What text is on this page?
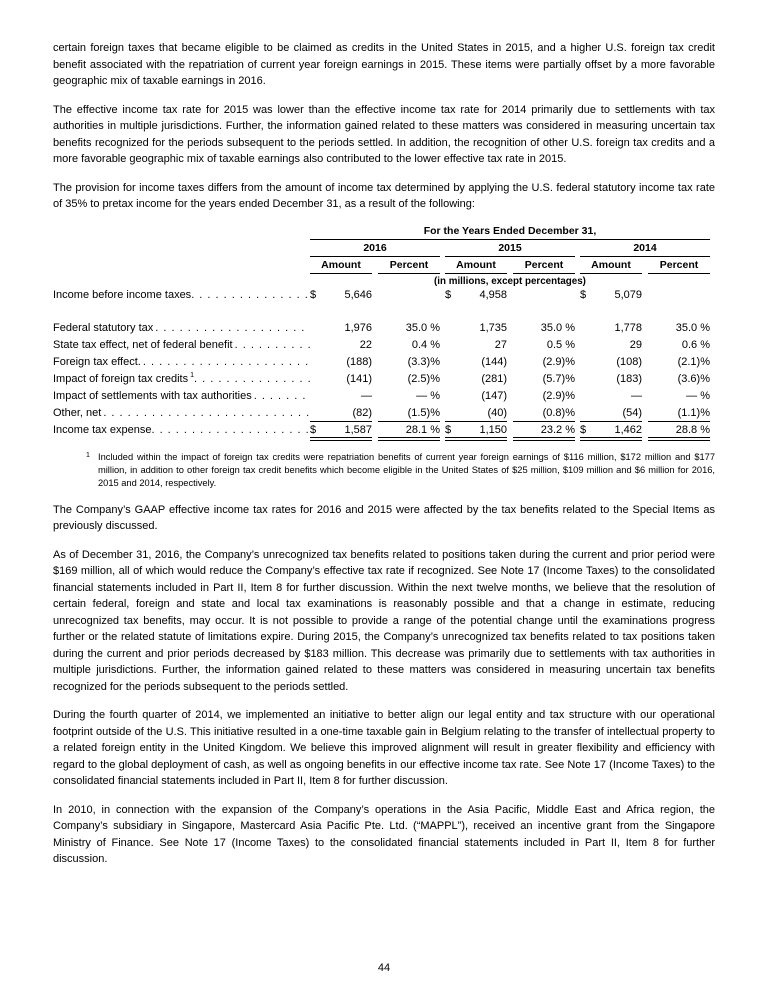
certain foreign taxes that became eligible to be claimed as credits in the United States in 2015, and a higher U.S. foreign tax credit benefit associated with the repatriation of current year foreign earnings in 2015. These items were partially offset by a more favorable geographic mix of taxable earnings in 2016.

The effective income tax rate for 2015 was lower than the effective income tax rate for 2014 primarily due to settlements with tax authorities in multiple jurisdictions. Further, the information gained related to these matters was considered in measuring uncertain tax benefits recognized for the periods subsequent to the periods settled. In addition, the recognition of other U.S. foreign tax credits and a more favorable geographic mix of taxable earnings also contributed to the lower effective tax rate in 2015.

The provision for income taxes differs from the amount of income tax determined by applying the U.S. federal statutory income tax rate of 35% to pretax income for the years ended December 31, as a result of the following:

For the Years Ended December 31,
2016	2015	2014
Amount	Percent	Amount	Percent	Amount	Percent
(in millions, except percentages)
Income before income taxes . . .	$	5,646	$	4,958	$	5,079
Federal statutory tax . . .	1,976	35.0 %	1,735	35.0 %	1,778	35.0 %
State tax effect, net of federal benefit . . .	22	0.4 %	27	0.5 %	29	0.6 %
Foreign tax effect. . . .	(188)	(3.3)%	(144)	(2.9)%	(108)	(2.1)%
Impact of foreign tax credits $^1$ . . .	(141)	(2.5)%	(281)	(5.7)%	(183)	(3.6)%
Impact of settlements with tax authorities . . .	—	— %	(147)	(2.9)%	—	— %
Other, net . . .	(82)	(1.5)%	(40)	(0.8)%	(54)	(1.1)%
Income tax expense . . .	$	1,587	28.1 % $	1,150	23.2 % $	1,462	28.8 %
1 Included within the impact of foreign tax credits were repatriation benefits of current year foreign earnings of $116 million, $172 million and $177 million, in addition to other foreign tax credit benefits which become eligible in the United States of $25 million, $109 million and $6 million for 2016, 2015 and 2014, respectively.

The Company’s GAAP effective income tax rates for 2016 and 2015 were affected by the tax benefits related to the Special Items as previously discussed.

As of December 31, 2016, the Company’s unrecognized tax benefits related to positions taken during the current and prior period were $169 million, all of which would reduce the Company’s effective tax rate if recognized. See Note 17 (Income Taxes) to the consolidated financial statements included in Part II, Item 8 for further discussion. Within the next twelve months, we believe that the resolution of certain federal, foreign and state and local tax examinations is reasonably possible and that a change in estimate, reducing unrecognized tax benefits, may occur. It is not possible to provide a range of the potential change until the examinations progress further or the related statute of limitations expire. During 2015, the Company’s unrecognized tax benefits related to tax positions taken during the current and prior periods decreased by $183 million. This decrease was primarily due to settlements with tax authorities in multiple jurisdictions. Further, the information gained related to these matters was considered in measuring uncertain tax benefits recognized for the periods subsequent to the periods settled.

During the fourth quarter of 2014, we implemented an initiative to better align our legal entity and tax structure with our operational footprint outside of the U.S. This initiative resulted in a one-time taxable gain in Belgium relating to the transfer of intellectual property to a related foreign entity in the United Kingdom. We believe this improved alignment will result in greater flexibility and efficiency with regard to the global deployment of cash, as well as ongoing benefits in our effective income tax rate. See Note 17 (Income Taxes) to the consolidated financial statements included in Part II, Item 8 for further discussion.

In 2010, in connection with the expansion of the Company’s operations in the Asia Pacific, Middle East and Africa region, the Company’s subsidiary in Singapore, Mastercard Asia Pacific Pte. Ltd. (“MAPPL”), received an incentive grant from the Singapore Ministry of Finance. See Note 17 (Income Taxes) to the consolidated financial statements included in Part II, Item 8 for further discussion.

44
